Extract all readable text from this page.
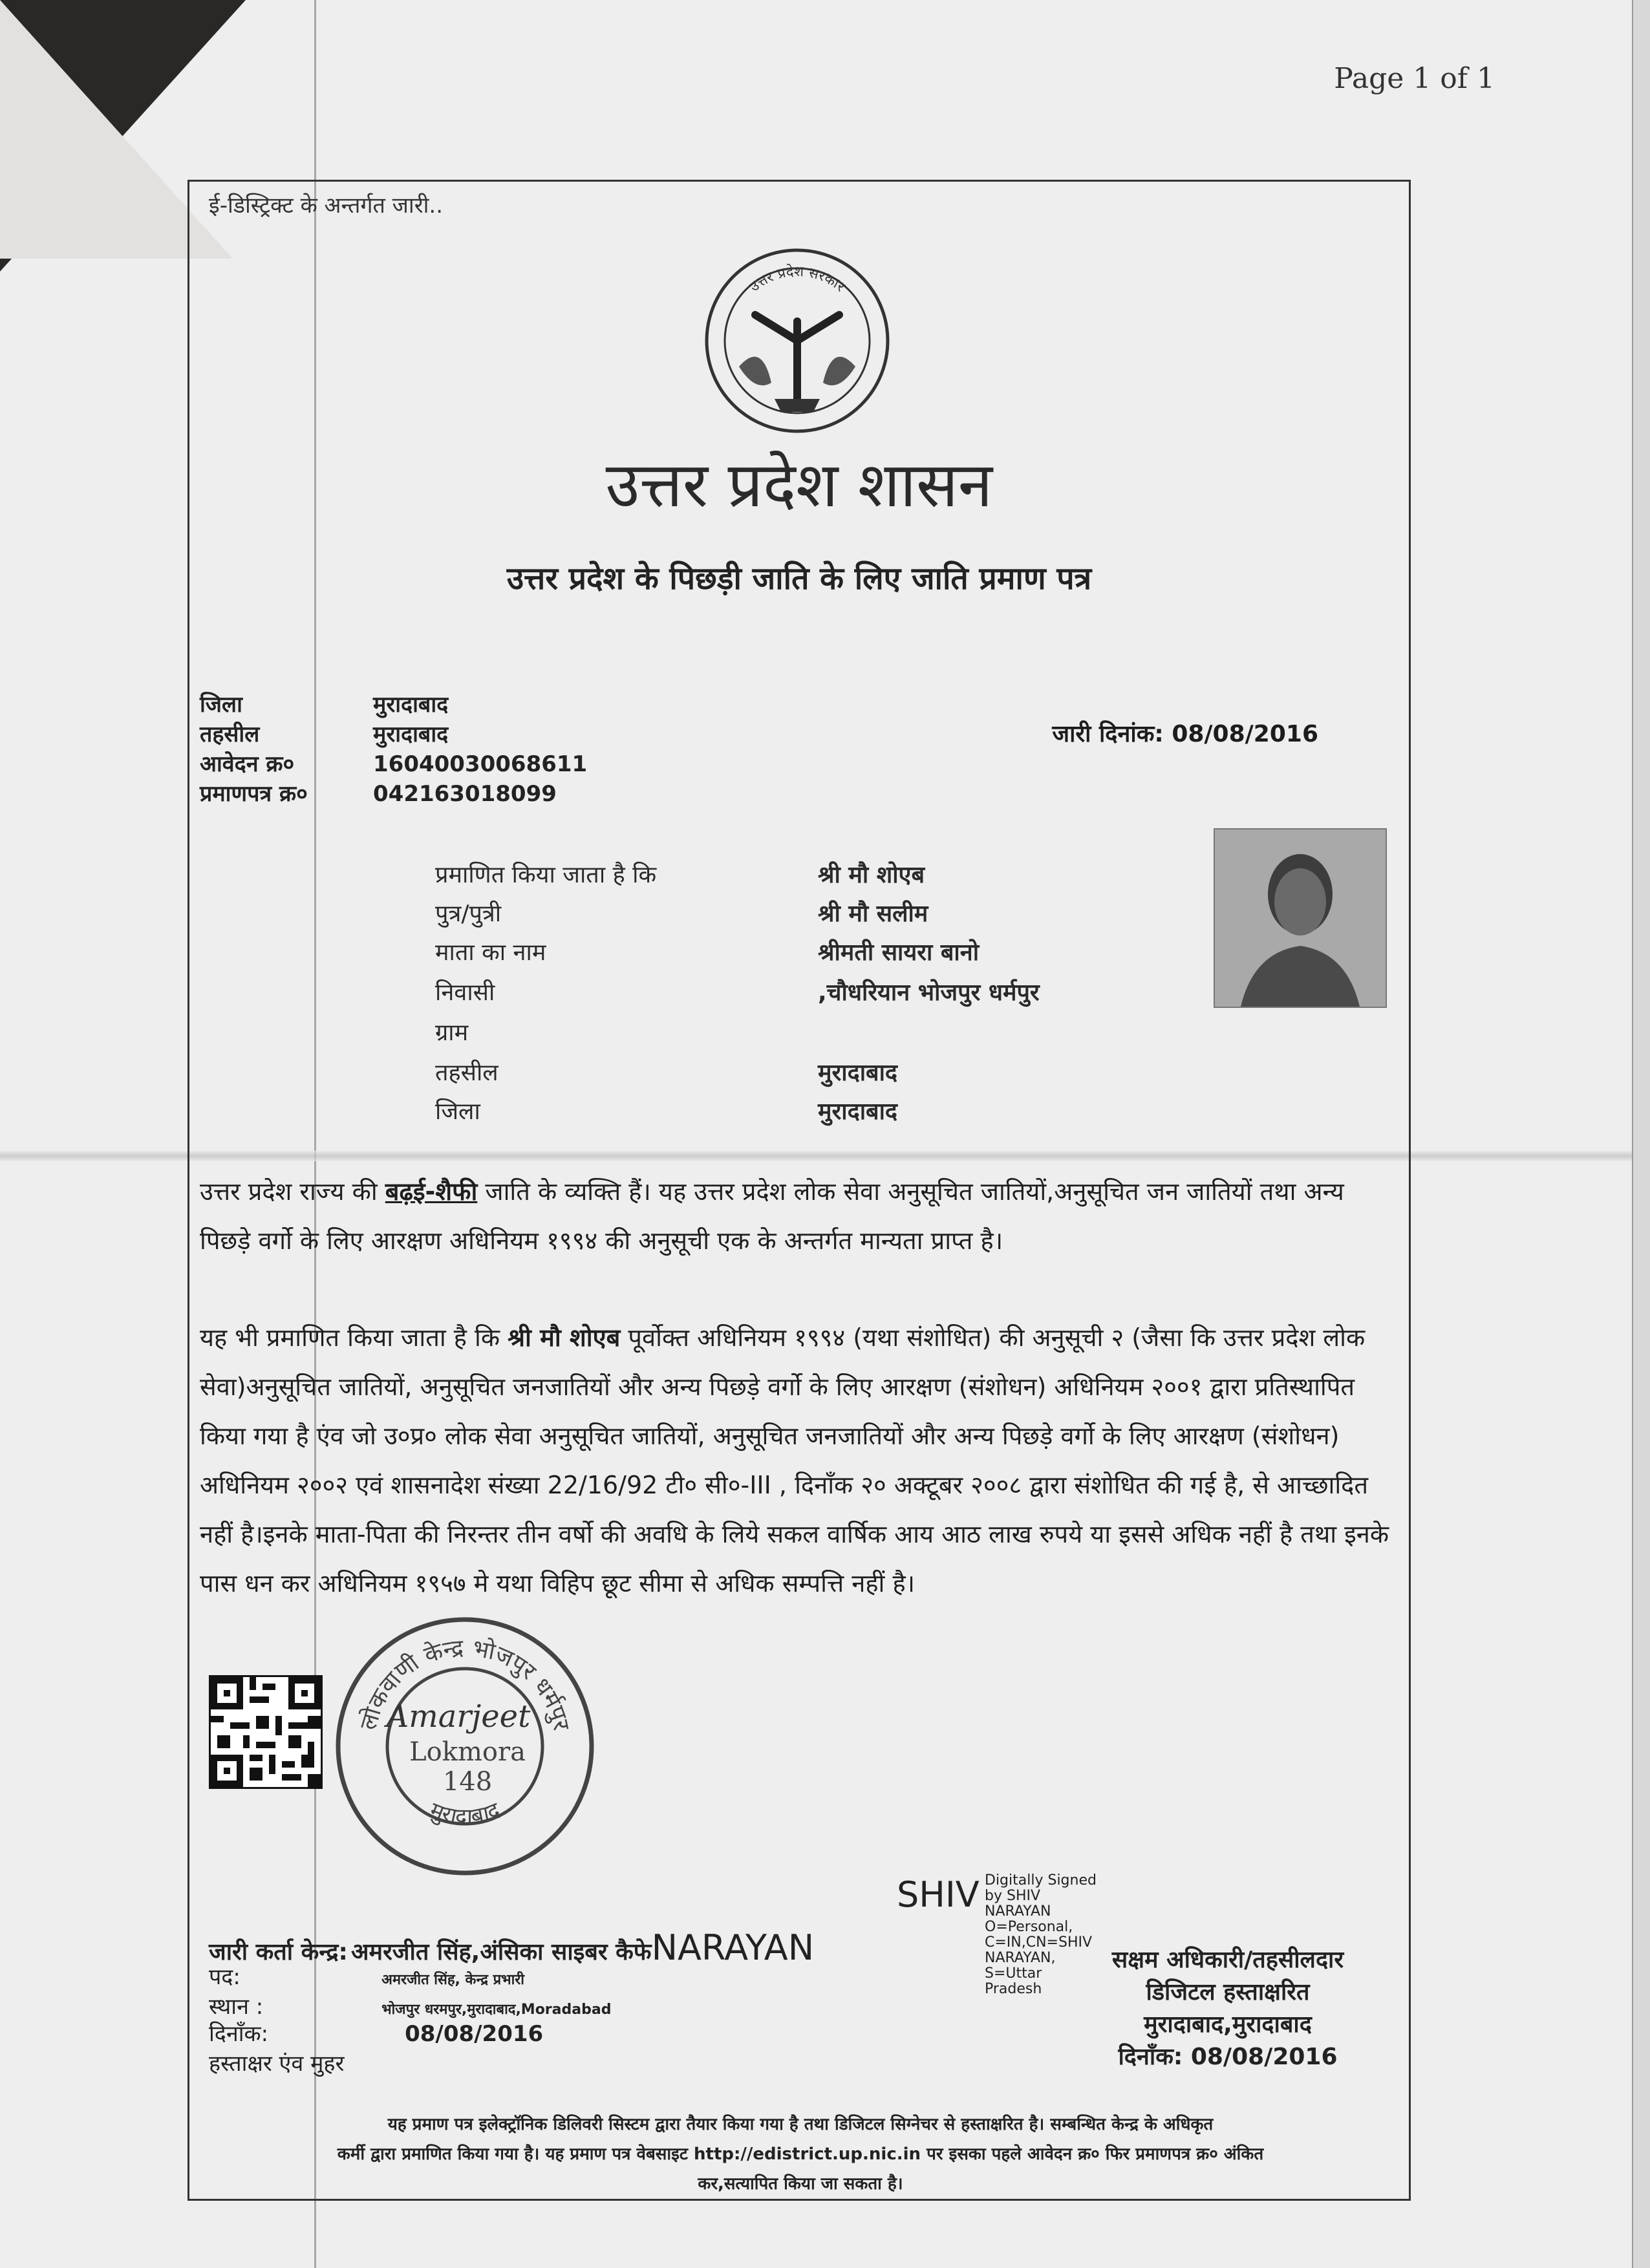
Page 1 of 1
ई-डिस्ट्रिक्ट के अन्तर्गत जारी..
उत्तर प्रदेश सरकार
उत्तर प्रदेश शासन
उत्तर प्रदेश के पिछड़ी जाति के लिए जाति प्रमाण पत्र
जिला	मुरादाबाद
तहसील	मुरादाबाद
आवेदन क्र०	16040030068611
प्रमाणपत्र क्र०	042163018099
जारी दिनांक: 08/08/2016
प्रमाणित किया जाता है कि	श्री मौ शोएब
पुत्र/पुत्री	श्री मौ सलीम
माता का नाम	श्रीमती सायरा बानो
निवासी	,चौधरियान भोजपुर धर्मपुर
ग्राम
तहसील	मुरादाबाद
जिला	मुरादाबाद
उत्तर प्रदेश राज्य की बढ़ई-शैफी जाति के व्यक्ति हैं। यह उत्तर प्रदेश लोक सेवा अनुसूचित जातियों,अनुसूचित जन जातियों तथा अन्य पिछड़े वर्गो के लिए आरक्षण अधिनियम १९९४ की अनुसूची एक के अन्तर्गत मान्यता प्राप्त है।
यह भी प्रमाणित किया जाता है कि श्री मौ शोएब पूर्वोक्त अधिनियम १९९४ (यथा संशोधित) की अनुसूची २ (जैसा कि उत्तर प्रदेश लोक सेवा)अनुसूचित जातियों, अनुसूचित जनजातियों और अन्य पिछड़े वर्गो के लिए आरक्षण (संशोधन) अधिनियम २००१ द्वारा प्रतिस्थापित किया गया है एंव जो उ०प्र० लोक सेवा अनुसूचित जातियों, अनुसूचित जनजातियों और अन्य पिछड़े वर्गो के लिए आरक्षण (संशोधन) अधिनियम २००२ एवं शासनादेश संख्या 22/16/92 टी० सी०-III , दिनाँक २० अक्टूबर २००८ द्वारा संशोधित की गई है, से आच्छादित नहीं है।इनके माता-पिता की निरन्तर तीन वर्षो की अवधि के लिये सकल वार्षिक आय आठ लाख रुपये या इससे अधिक नहीं है तथा इनके पास धन कर अधिनियम १९५७ मे यथा विहिप छूट सीमा से अधिक सम्पत्ति नहीं है।
लोकवाणी केन्द्र भोजपुर धर्मपुर
मुरादाबाद
Amarjeet
Lokmora
148
SHIV Digitally Signed
by SHIV
NARAYAN
O=Personal,
C=IN,CN=SHIV
NARAYAN,
S=Uttar
Pradesh
जारी कर्ता केन्द्र: अमरजीत सिंह,अंसिका साइबर कैफेNARAYAN
पद:	अमरजीत सिंह, केन्द्र प्रभारी
स्थान :	भोजपुर धरमपुर,मुरादाबाद,Moradabad
दिनाँक:	08/08/2016
हस्ताक्षर एंव मुहर
सक्षम अधिकारी/तहसीलदार
डिजिटल हस्ताक्षरित
मुरादाबाद,मुरादाबाद
दिनाँक: 08/08/2016
यह प्रमाण पत्र इलेक्ट्रॉनिक डिलिवरी सिस्टम द्वारा तैयार किया गया है तथा डिजिटल सिग्नेचर से हस्ताक्षरित है। सम्बन्धित केन्द्र के अधिकृत
कर्मी द्वारा प्रमाणित किया गया है। यह प्रमाण पत्र वेबसाइट http://edistrict.up.nic.in पर इसका पहले आवेदन क्र० फिर प्रमाणपत्र क्र० अंकित
कर,सत्यापित किया जा सकता है।
